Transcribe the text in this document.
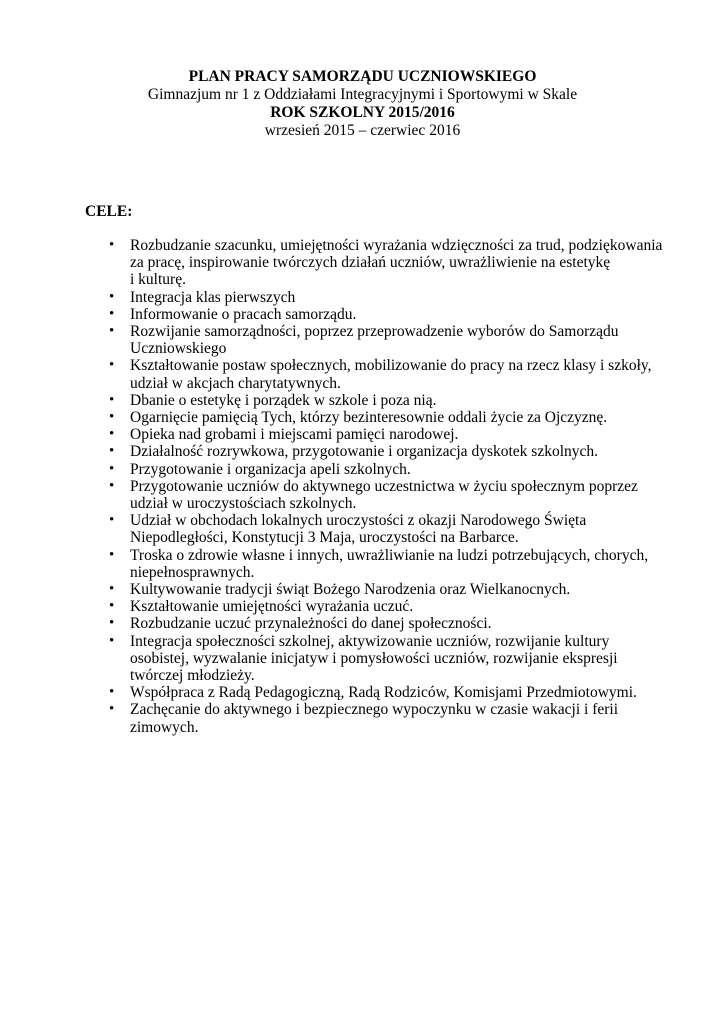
PLAN PRACY SAMORZĄDU UCZNIOWSKIEGO
Gimnazjum nr 1 z Oddziałami Integracyjnymi i Sportowymi w Skale
ROK SZKOLNY 2015/2016
wrzesień 2015 – czerwiec 2016
CELE:
• Rozbudzanie szacunku, umiejętności wyrażania wdzięczności za trud, podziękowania
za pracę, inspirowanie twórczych działań uczniów, uwrażliwienie na estetykę
i kulturę.
• Integracja klas pierwszych
• Informowanie o pracach samorządu.
• Rozwijanie samorządności, poprzez przeprowadzenie wyborów do Samorządu
Uczniowskiego
• Kształtowanie postaw społecznych, mobilizowanie do pracy na rzecz klasy i szkoły,
udział w akcjach charytatywnych.
• Dbanie o estetykę i porządek w szkole i poza nią.
• Ogarnięcie pamięcią Tych, którzy bezinteresownie oddali życie za Ojczyznę.
• Opieka nad grobami i miejscami pamięci narodowej.
• Działalność rozrywkowa, przygotowanie i organizacja dyskotek szkolnych.
• Przygotowanie i organizacja apeli szkolnych.
• Przygotowanie uczniów do aktywnego uczestnictwa w życiu społecznym poprzez
udział w uroczystościach szkolnych.
• Udział w obchodach lokalnych uroczystości z okazji Narodowego Święta
Niepodległości, Konstytucji 3 Maja, uroczystości na Barbarce.
• Troska o zdrowie własne i innych, uwrażliwianie na ludzi potrzebujących, chorych,
niepełnosprawnych.
• Kultywowanie tradycji świąt Bożego Narodzenia oraz Wielkanocnych.
• Kształtowanie umiejętności wyrażania uczuć.
• Rozbudzanie uczuć przynależności do danej społeczności.
• Integracja społeczności szkolnej, aktywizowanie uczniów, rozwijanie kultury
osobistej, wyzwalanie inicjatyw i pomysłowości uczniów, rozwijanie ekspresji
twórczej młodzieży.
• Współpraca z Radą Pedagogiczną, Radą Rodziców, Komisjami Przedmiotowymi.
• Zachęcanie do aktywnego i bezpiecznego wypoczynku w czasie wakacji i ferii
zimowych.
